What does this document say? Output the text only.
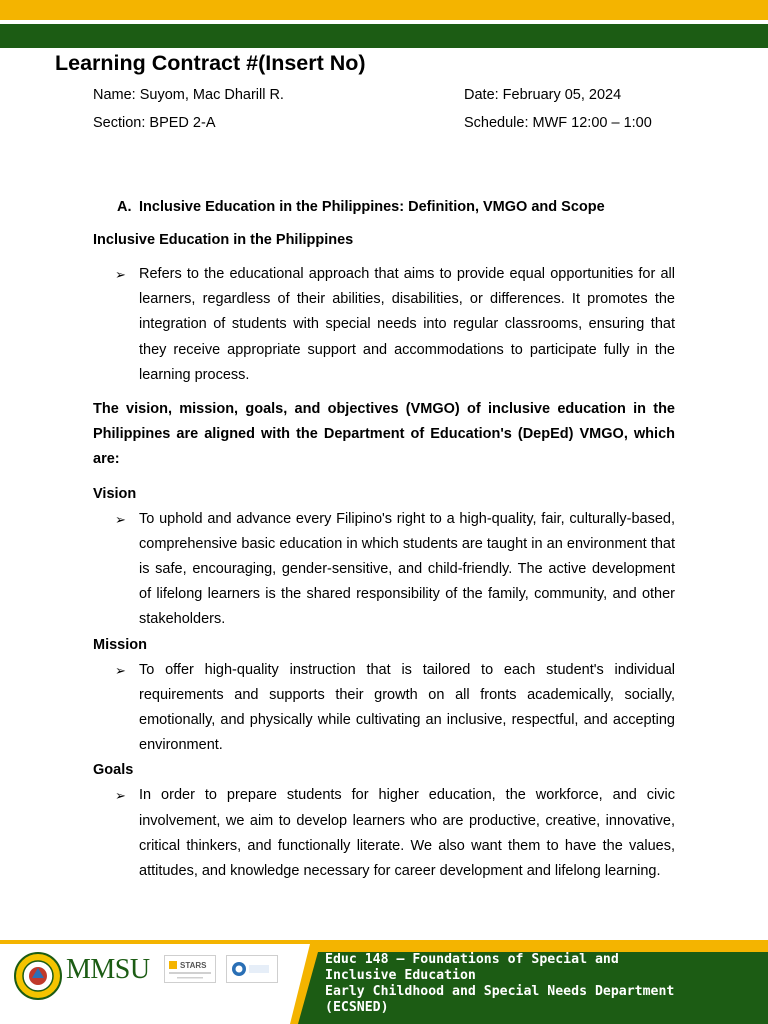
Learning Contract #(Insert No)
Name: Suyom, Mac Dharill R.	Date: February 05, 2024
Section: BPED 2-A	Schedule: MWF 12:00 – 1:00
A. Inclusive Education in the Philippines: Definition, VMGO and Scope
Inclusive Education in the Philippines
➢ Refers to the educational approach that aims to provide equal opportunities for all learners, regardless of their abilities, disabilities, or differences. It promotes the integration of students with special needs into regular classrooms, ensuring that they receive appropriate support and accommodations to participate fully in the learning process.
The vision, mission, goals, and objectives (VMGO) of inclusive education in the Philippines are aligned with the Department of Education's (DepEd) VMGO, which are:
Vision
➢ To uphold and advance every Filipino's right to a high-quality, fair, culturally-based, comprehensive basic education in which students are taught in an environment that is safe, encouraging, gender-sensitive, and child-friendly. The active development of lifelong learners is the shared responsibility of the family, community, and other stakeholders.
Mission
➢ To offer high-quality instruction that is tailored to each student's individual requirements and supports their growth on all fronts academically, socially, emotionally, and physically while cultivating an inclusive, respectful, and accepting environment.
Goals
➢ In order to prepare students for higher education, the workforce, and civic involvement, we aim to develop learners who are productive, creative, innovative, critical thinkers, and functionally literate. We also want them to have the values, attitudes, and knowledge necessary for career development and lifelong learning.
MMSU	STARS	Educ 148 – Foundations of Special and
Inclusive Education
Early Childhood and Special Needs Department
(ECSNED)
